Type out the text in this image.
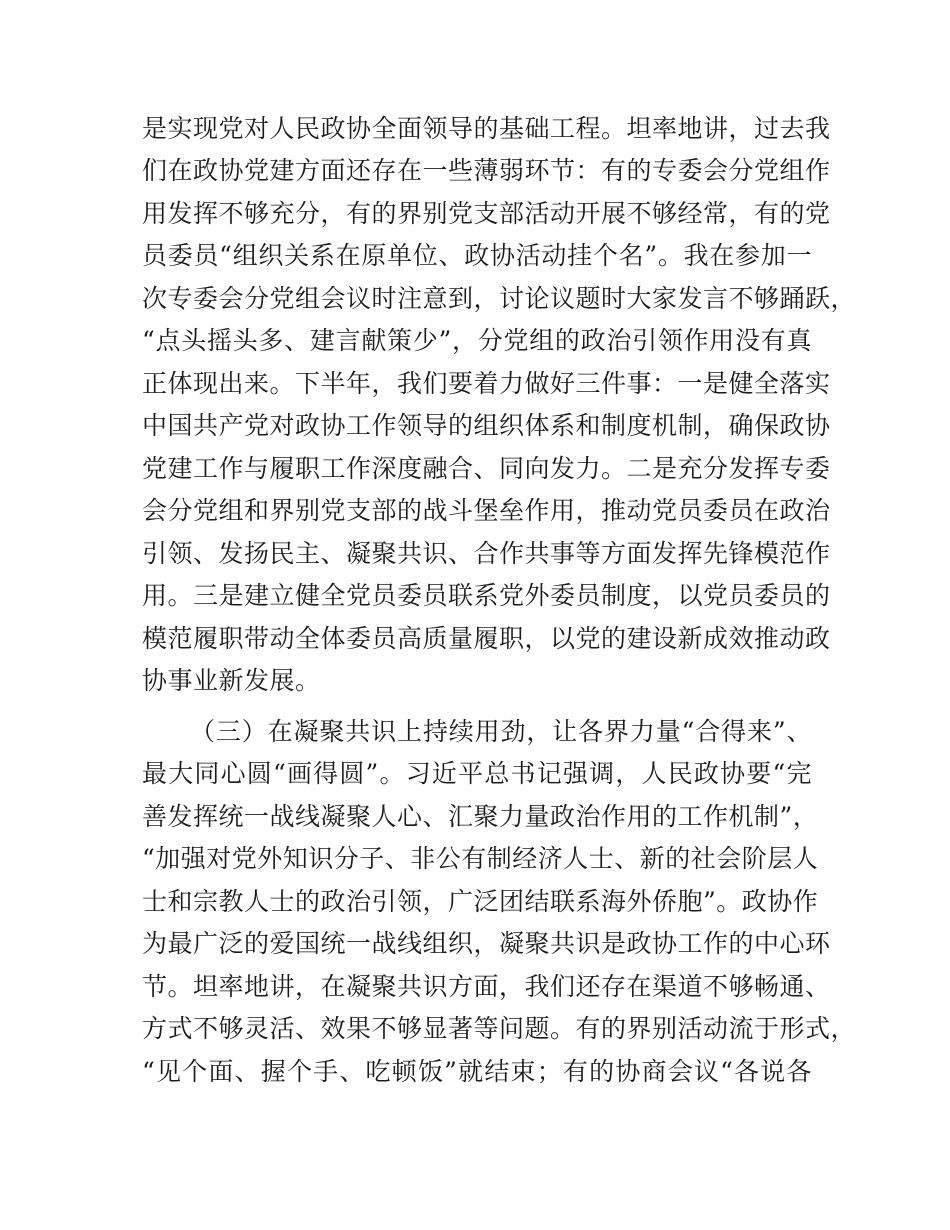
是实现党对人民政协全面领导的基础工程。坦率地讲，过去我
们在政协党建方面还存在一些薄弱环节：有的专委会分党组作
用发挥不够充分，有的界别党支部活动开展不够经常，有的党
员委员“组织关系在原单位、政协活动挂个名”。我在参加一
次专委会分党组会议时注意到，讨论议题时大家发言不够踊跃，
“点头摇头多、建言献策少”，分党组的政治引领作用没有真
正体现出来。下半年，我们要着力做好三件事：一是健全落实
中国共产党对政协工作领导的组织体系和制度机制，确保政协
党建工作与履职工作深度融合、同向发力。二是充分发挥专委
会分党组和界别党支部的战斗堡垒作用，推动党员委员在政治
引领、发扬民主、凝聚共识、合作共事等方面发挥先锋模范作
用。三是建立健全党员委员联系党外委员制度，以党员委员的
模范履职带动全体委员高质量履职，以党的建设新成效推动政
协事业新发展。
（三）在凝聚共识上持续用劲，让各界力量“合得来”、
最大同心圆“画得圆”。习近平总书记强调，人民政协要“完
善发挥统一战线凝聚人心、汇聚力量政治作用的工作机制”，
“加强对党外知识分子、非公有制经济人士、新的社会阶层人
士和宗教人士的政治引领，广泛团结联系海外侨胞”。政协作
为最广泛的爱国统一战线组织，凝聚共识是政协工作的中心环
节。坦率地讲，在凝聚共识方面，我们还存在渠道不够畅通、
方式不够灵活、效果不够显著等问题。有的界别活动流于形式，
“见个面、握个手、吃顿饭”就结束；有的协商会议“各说各
